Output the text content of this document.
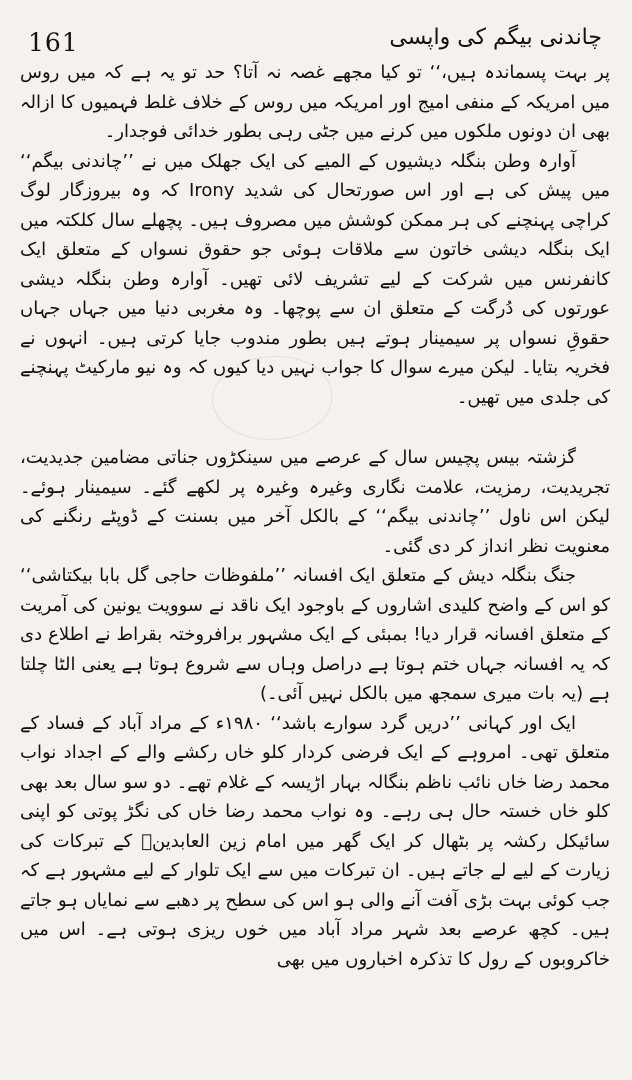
161	چاندنی بیگم کی واپسی

پر بہت پسماندہ ہیں،‘‘ تو کیا مجھے غصہ نہ آتا؟ حد تو یہ ہے کہ میں روس میں امریکہ کے منفی امیج اور امریکہ میں روس کے خلاف غلط فہمیوں کا ازالہ بھی ان دونوں ملکوں میں کرنے میں جٹی رہی بطور خدائی فوجدار۔

آوارہ وطن بنگلہ دیشیوں کے المیے کی ایک جھلک میں نے ’’چاندنی بیگم‘‘ میں پیش کی ہے اور اس صورتحال کی شدید Irony کہ وہ بیروزگار لوگ کراچی پہنچنے کی ہر ممکن کوشش میں مصروف ہیں۔ پچھلے سال کلکتہ میں ایک بنگلہ دیشی خاتون سے ملاقات ہوئی جو حقوق نسواں کے متعلق ایک کانفرنس میں شرکت کے لیے تشریف لائی تھیں۔ آوارہ وطن بنگلہ دیشی عورتوں کی دُرگت کے متعلق ان سے پوچھا۔ وہ مغربی دنیا میں جہاں جہاں حقوقِ نسواں پر سیمینار ہوتے ہیں بطور مندوب جایا کرتی ہیں۔ انہوں نے فخریہ بتایا۔ لیکن میرے سوال کا جواب نہیں دیا کیوں کہ وہ نیو مارکیٹ پہنچنے کی جلدی میں تھیں۔

گزشتہ بیس پچیس سال کے عرصے میں سینکڑوں جناتی مضامین جدیدیت، تجریدیت، رمزیت، علامت نگاری وغیرہ وغیرہ پر لکھے گئے۔ سیمینار ہوئے۔ لیکن اس ناول ’’چاندنی بیگم‘‘ کے بالکل آخر میں بسنت کے ڈوپٹے رنگنے کی معنویت نظر انداز کر دی گئی۔

جنگ بنگلہ دیش کے متعلق ایک افسانہ ’’ملفوظات حاجی گل بابا بیکتاشی‘‘ کو اس کے واضح کلیدی اشاروں کے باوجود ایک ناقد نے سوویت یونین کی آمریت کے متعلق افسانہ قرار دیا! بمبئی کے ایک مشہور برافروختہ بقراط نے اطلاع دی کہ یہ افسانہ جہاں ختم ہوتا ہے دراصل وہاں سے شروع ہوتا ہے یعنی الٹا چلتا ہے (یہ بات میری سمجھ میں بالکل نہیں آئی۔)

ایک اور کہانی ’’دریں گرد سوارے باشد‘‘ ۱۹۸۰ء کے مراد آباد کے فساد کے متعلق تھی۔ امروہے کے ایک فرضی کردار کلو خاں رکشے والے کے اجداد نواب محمد رضا خاں نائب ناظم بنگالہ بہار اڑیسہ کے غلام تھے۔ دو سو سال بعد بھی کلو خاں خستہ حال ہی رہے۔ وہ نواب محمد رضا خاں کی نگڑ پوتی کو اپنی سائیکل رکشہ پر بٹھال کر ایک گھر میں امام زین العابدینؓ کے تبرکات کی زیارت کے لیے لے جاتے ہیں۔ ان تبرکات میں سے ایک تلوار کے لیے مشہور ہے کہ جب کوئی بہت بڑی آفت آنے والی ہو اس کی سطح پر دھبے سے نمایاں ہو جاتے ہیں۔ کچھ عرصے بعد شہر مراد آباد میں خوں ریزی ہوتی ہے۔ اس میں خاکروبوں کے رول کا تذکرہ اخباروں میں بھی
